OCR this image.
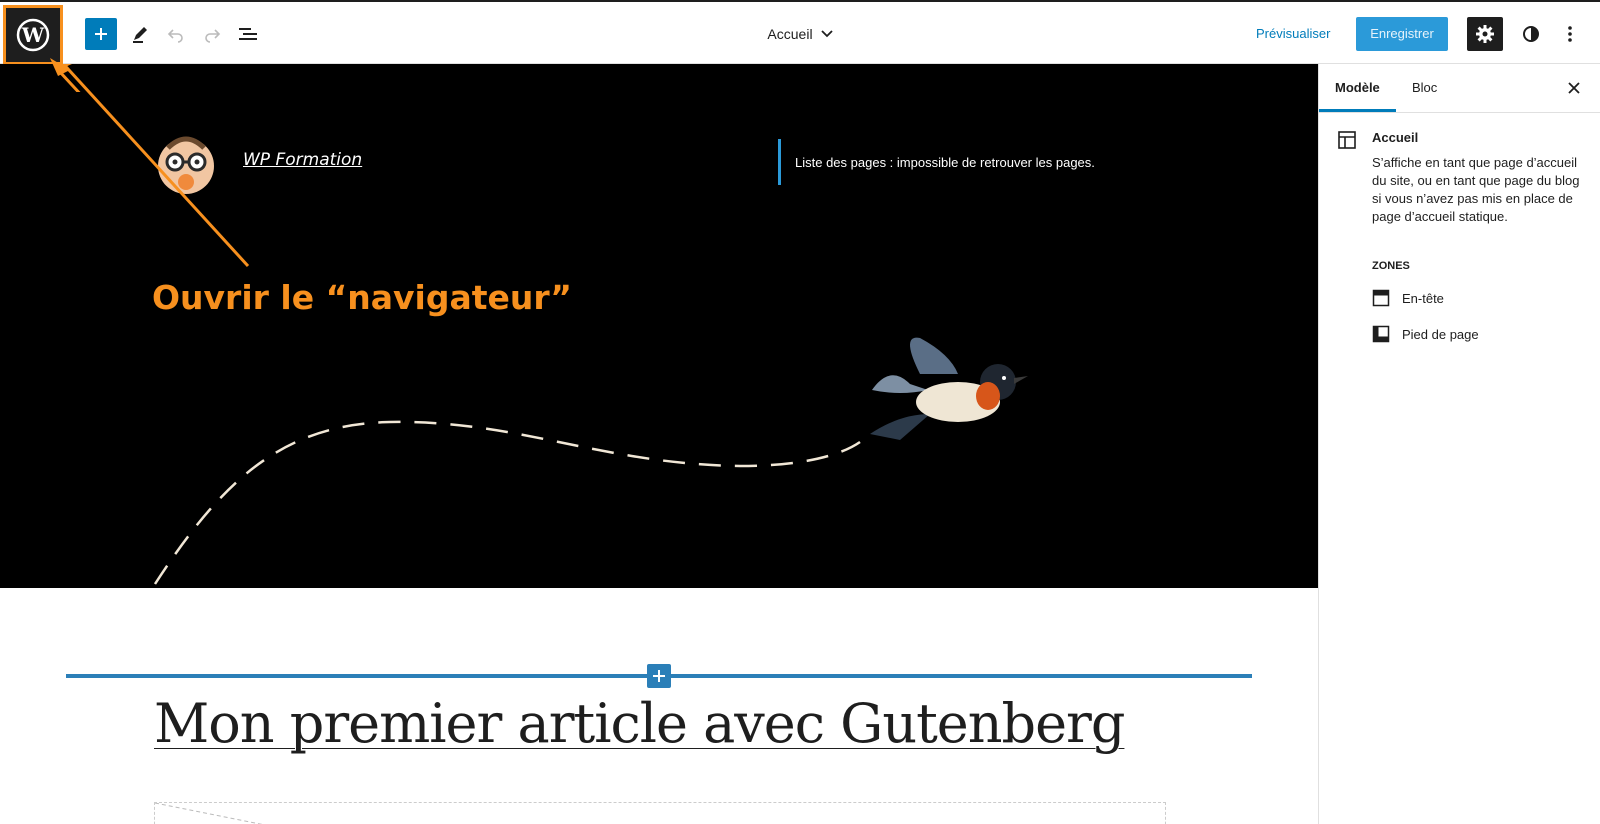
W	Accueil	Prévisualiser	Enregistrer
WP Formation	Liste des pages : impossible de retrouver les pages.
Ouvrir le “navigateur”
Mon premier article avec Gutenberg
Modèle	Bloc
Accueil
S’affiche en tant que page d’accueil du site, ou en tant que page du blog si vous n’avez pas mis en place de page d’accueil statique.
ZONES
En-tête
Pied de page
